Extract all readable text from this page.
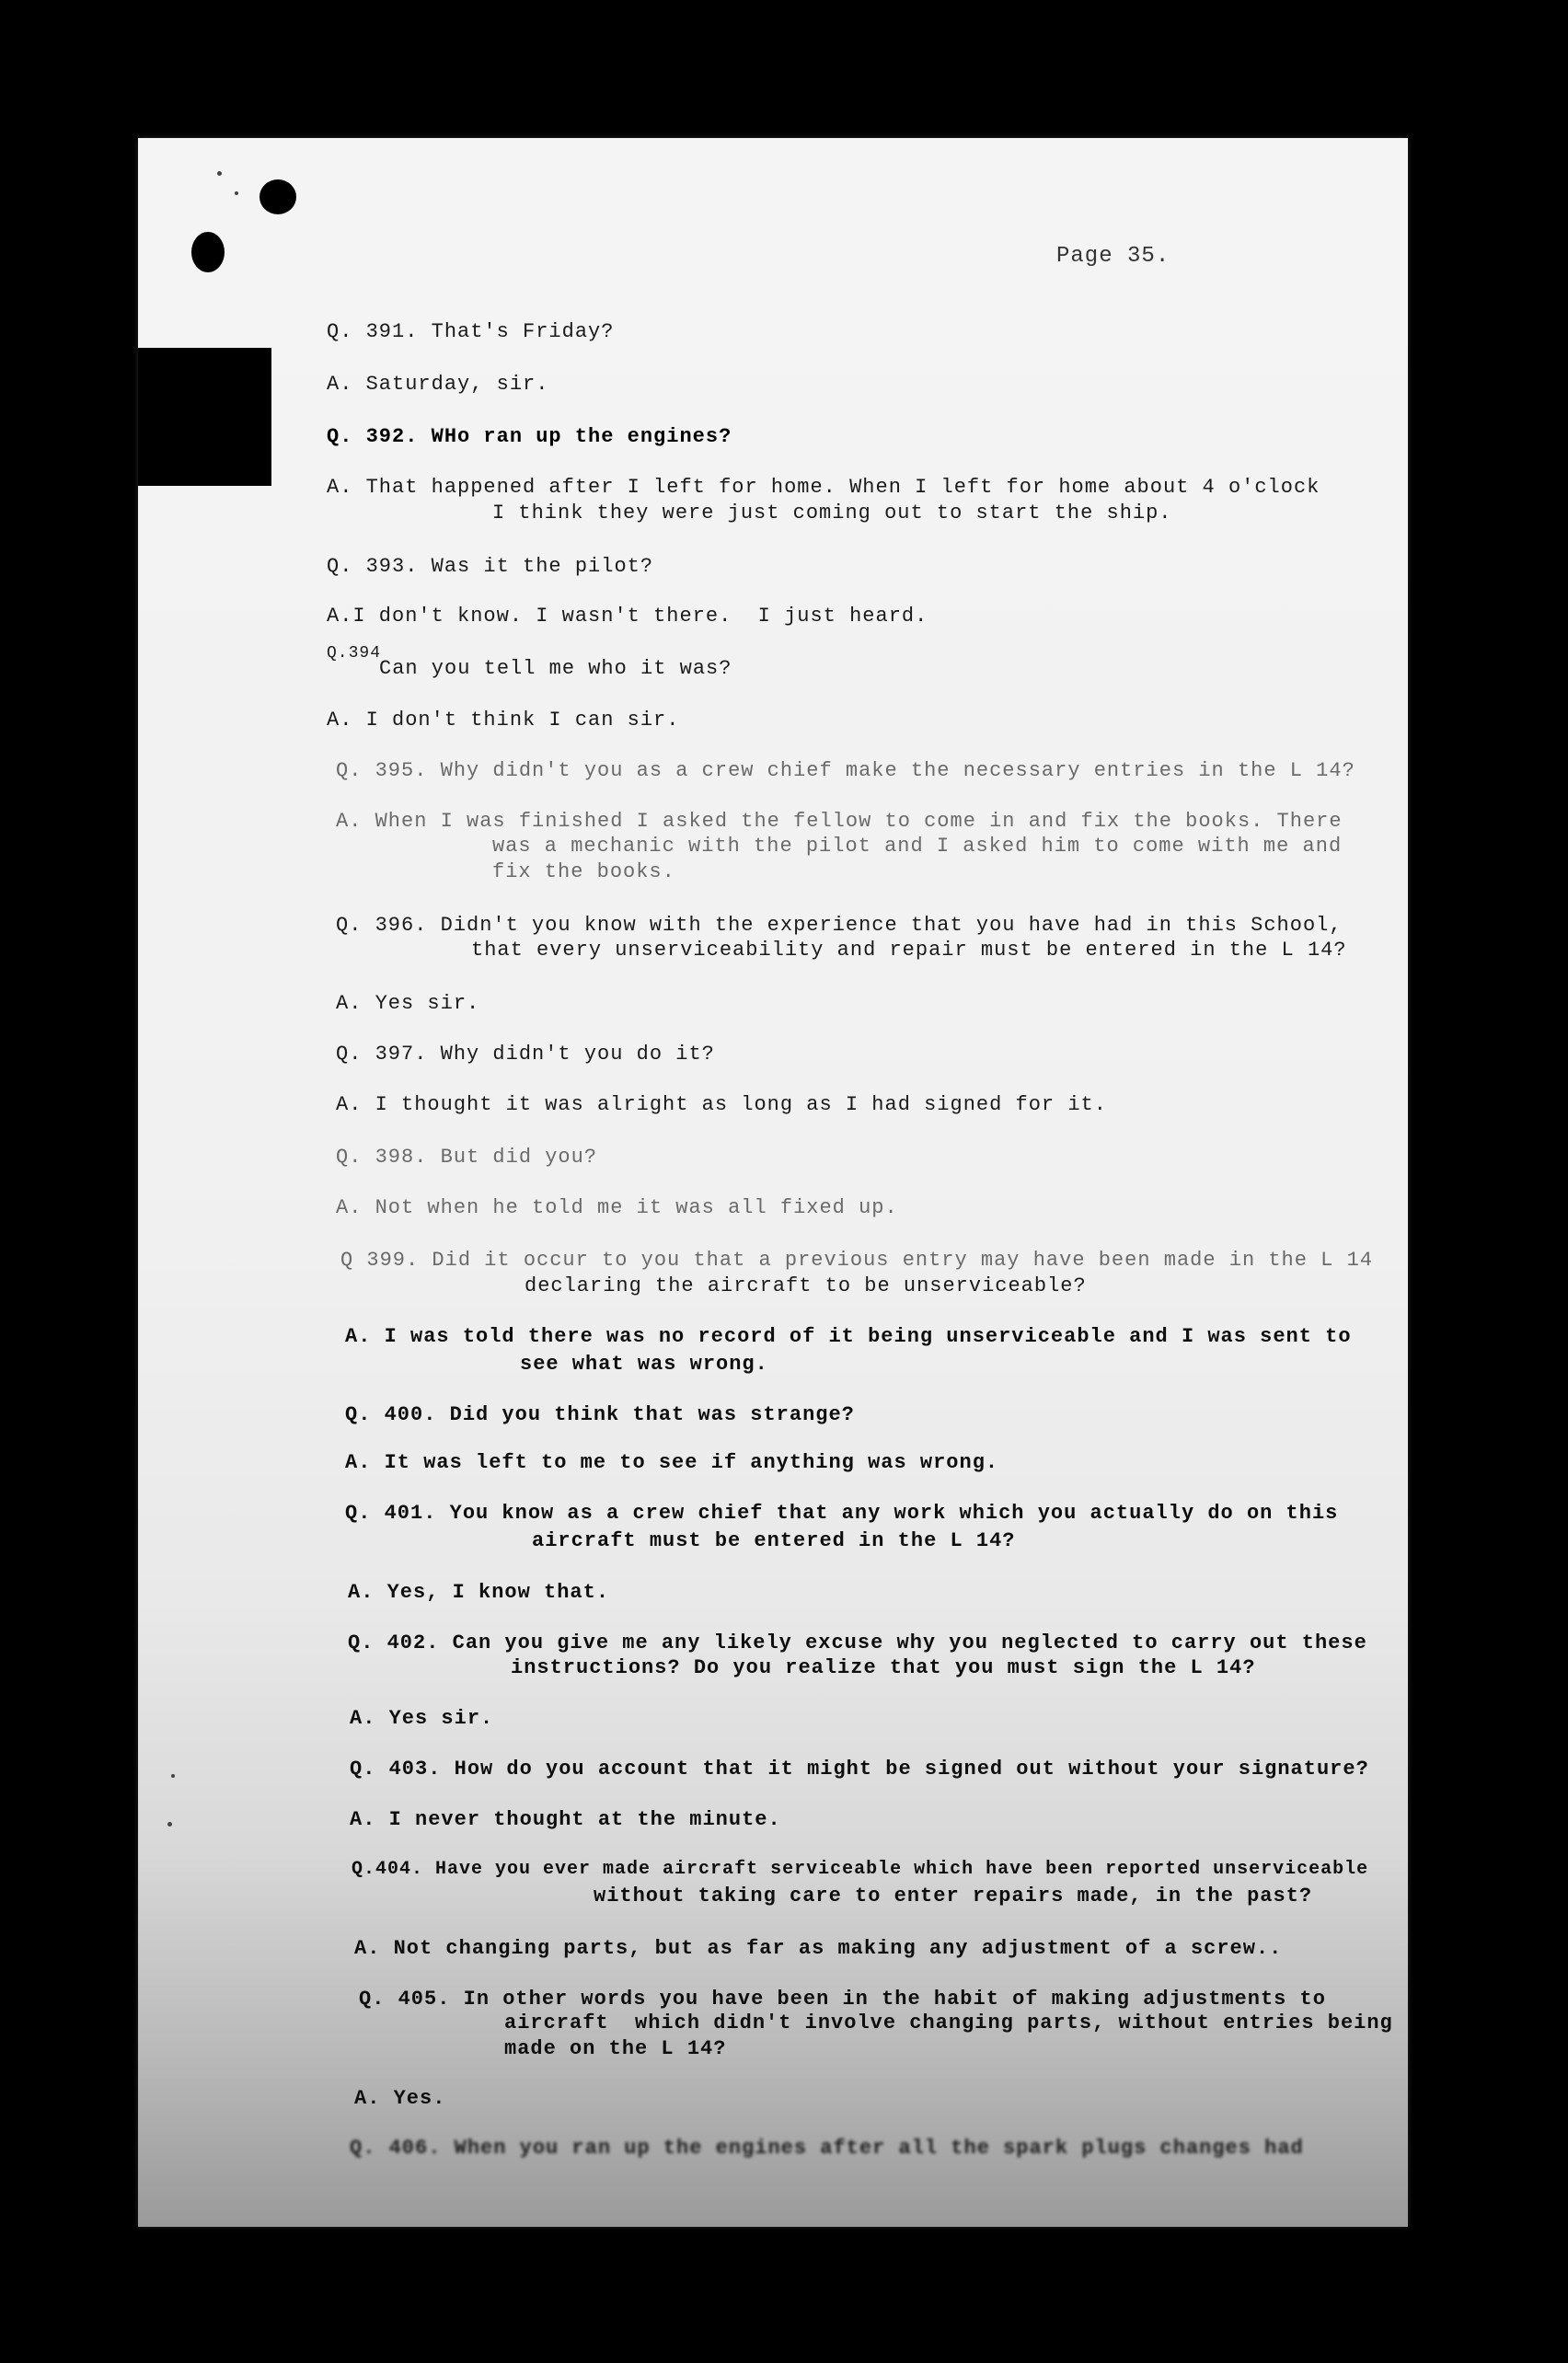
Page 35.
Q. 391. That's Friday?
A. Saturday, sir.
Q. 392. WHo ran up the engines?
A. That happened after I left for home. When I left for home about 4 o'clock
I think they were just coming out to start the ship.
Q. 393. Was it the pilot?
A.I don't know. I wasn't there.  I just heard.
Q.394
Can you tell me who it was?
A. I don't think I can sir.
Q. 395. Why didn't you as a crew chief make the necessary entries in the L 14?
A. When I was finished I asked the fellow to come in and fix the books. There
was a mechanic with the pilot and I asked him to come with me and
fix the books.
Q. 396. Didn't you know with the experience that you have had in this School,
that every unserviceability and repair must be entered in the L 14?
A. Yes sir.
Q. 397. Why didn't you do it?
A. I thought it was alright as long as I had signed for it.
Q. 398. But did you?
A. Not when he told me it was all fixed up.
Q 399. Did it occur to you that a previous entry may have been made in the L 14
declaring the aircraft to be unserviceable?
A. I was told there was no record of it being unserviceable and I was sent to
see what was wrong.
Q. 400. Did you think that was strange?
A. It was left to me to see if anything was wrong.
Q. 401. You know as a crew chief that any work which you actually do on this
aircraft must be entered in the L 14?
A. Yes, I know that.
Q. 402. Can you give me any likely excuse why you neglected to carry out these
instructions? Do you realize that you must sign the L 14?
A. Yes sir.
Q. 403. How do you account that it might be signed out without your signature?
A. I never thought at the minute.
Q.404. Have you ever made aircraft serviceable which have been reported unserviceable
without taking care to enter repairs made, in the past?
A. Not changing parts, but as far as making any adjustment of a screw..
Q. 405. In other words you have been in the habit of making adjustments to
aircraft  which didn't involve changing parts, without entries being
made on the L 14?
A. Yes.
Q. 406. When you ran up the engines after all the spark plugs changes had
